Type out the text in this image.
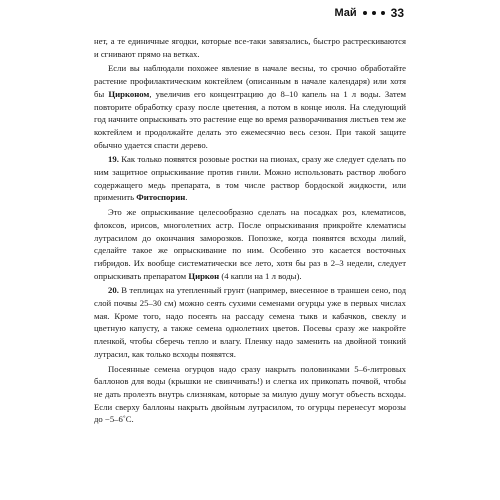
Май	33

нет, а те единичные ягодки, которые все-таки завязались, быстро растрескиваются и сгнивают прямо на ветках.

Если вы наблюдали похожее явление в начале весны, то срочно обработайте растение профилактическим коктейлем (описанным в начале календаря) или хотя бы Цирконом, увеличив его концентрацию до 8–10 капель на 1 л воды. Затем повторите обработку сразу после цветения, а потом в конце июля. На следующий год начните опрыскивать это растение еще во время разворачивания листьев тем же коктейлем и продолжайте делать это ежемесячно весь сезон. При такой защите обычно удается спасти дерево.

19. Как только появятся розовые ростки на пионах, сразу же следует сделать по ним защитное опрыскивание против гнили. Можно использовать раствор любого содержащего медь препарата, в том числе раствор бордоской жидкости, или применить Фитоспорин.

Это же опрыскивание целесообразно сделать на посадках роз, клематисов, флоксов, ирисов, многолетних астр. После опрыскивания прикройте клематисы лутрасилом до окончания заморозков. Попозже, когда появятся всходы лилий, сделайте такое же опрыскивание по ним. Особенно это касается восточных гибридов. Их вообще систематически все лето, хотя бы раз в 2–3 недели, следует опрыскивать препаратом Циркон (4 капли на 1 л воды).

20. В теплицах на утепленный грунт (например, внесенное в траншеи сено, под слой почвы 25–30 см) можно сеять сухими семенами огурцы уже в первых числах мая. Кроме того, надо посеять на рассаду семена тыкв и кабачков, свеклу и цветную капусту, а также семена однолетних цветов. Посевы сразу же накройте пленкой, чтобы сберечь тепло и влагу. Пленку надо заменить на двойной тонкий лутрасил, как только всходы появятся.

Посеянные семена огурцов надо сразу накрыть половинками 5–6-литровых баллонов для воды (крышки не свинчивать!) и слегка их прикопать почвой, чтобы не дать пролезть внутрь слизнякам, которые за милую душу могут объесть всходы. Если сверху баллоны накрыть двойным лутрасилом, то огурцы перенесут морозы до −5–6˚С.
